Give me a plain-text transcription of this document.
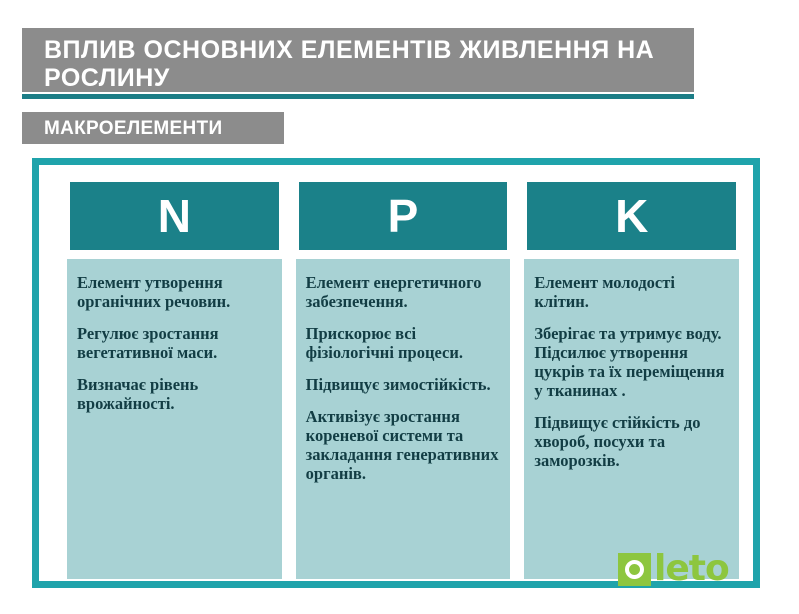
ВПЛИВ ОСНОВНИХ ЕЛЕМЕНТІВ ЖИВЛЕННЯ НА РОСЛИНУ
МАКРОЕЛЕМЕНТИ
N

Елемент утворення органічних речовин.

Регулює зростання вегетативної маси.

Визначає рівень врожайності.

P

Елемент енергетичного забезпечення.

Прискорює всі фізіологічні процеси.

Підвищує зимостійкість.

Активізує зростання кореневої системи та закладання генеративних органів.

K

Елемент молодості клітин.

Зберігає та утримує воду. Підсилює утворення цукрів та їх переміщення у тканинах .

Підвищує стійкість до хвороб, посухи та заморозків.

leto
